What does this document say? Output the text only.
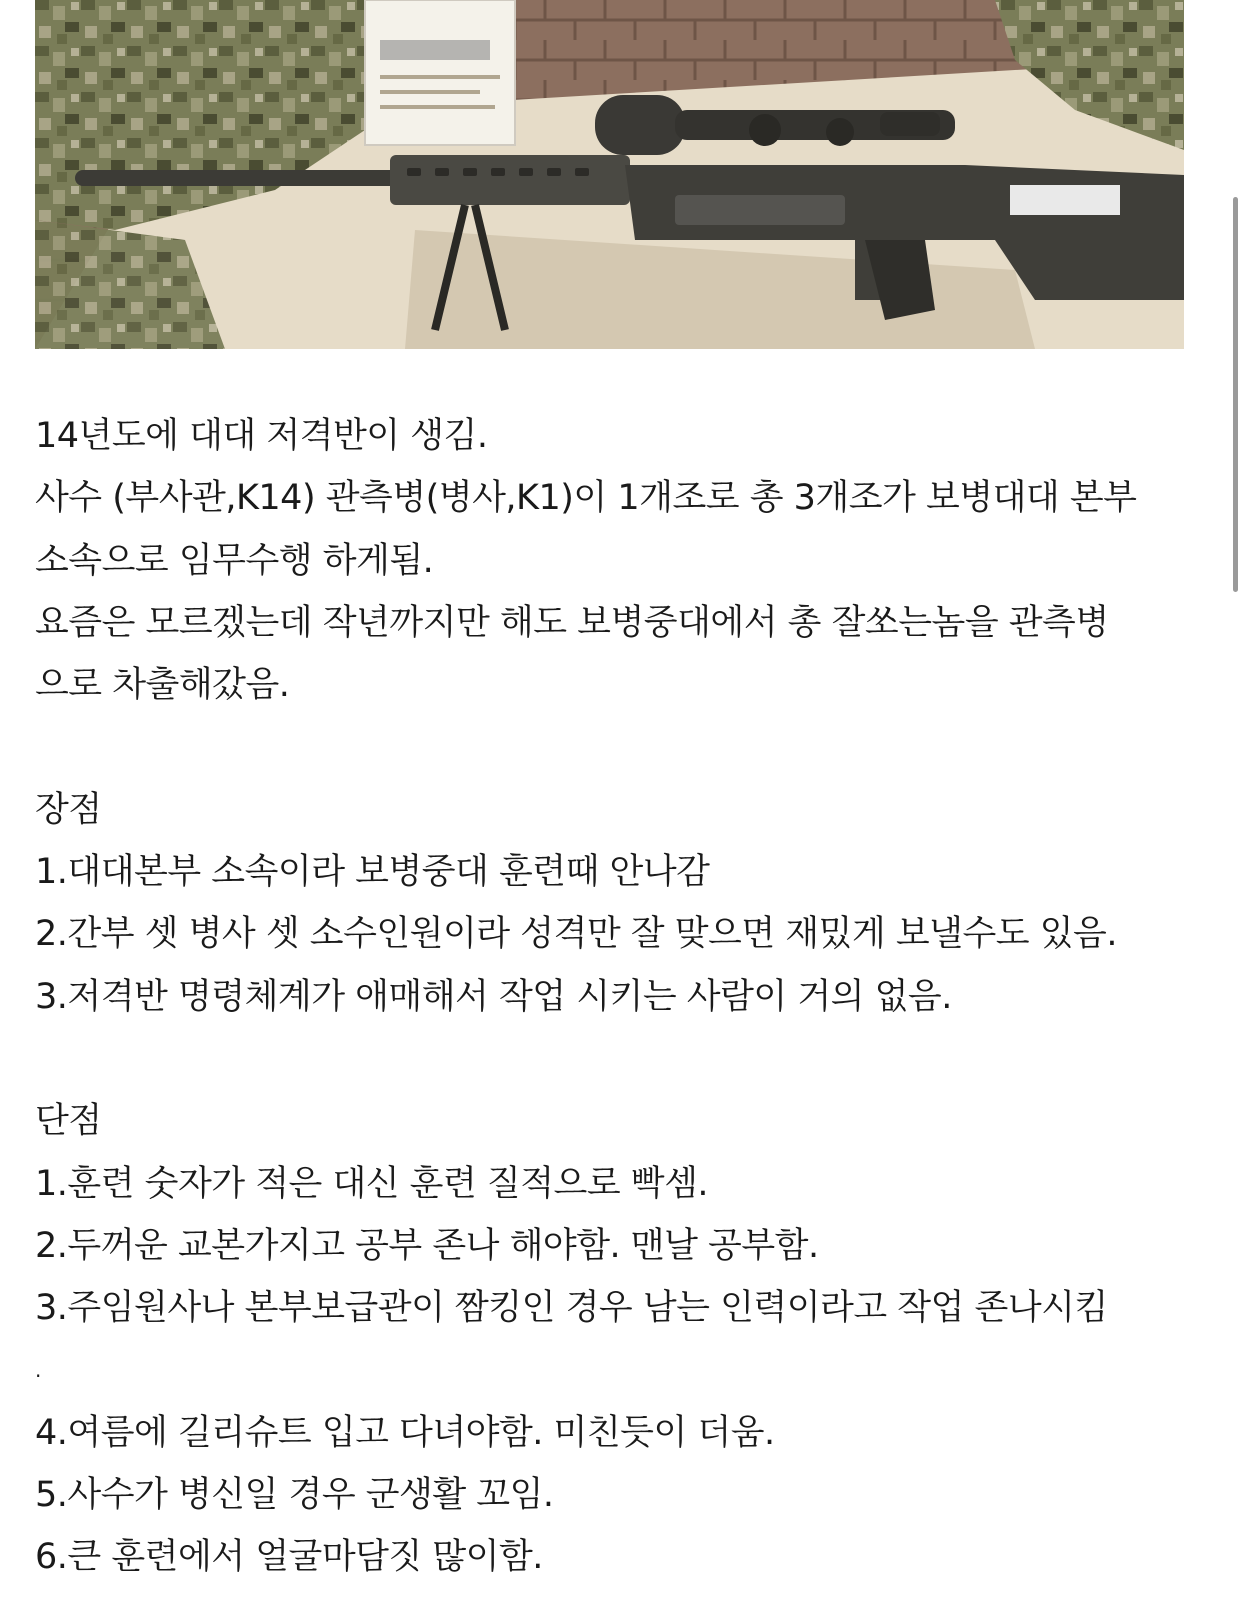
14년도에 대대 저격반이 생김.

사수 (부사관,K14) 관측병(병사,K1)이 1개조로 총 3개조가 보병대대 본부

소속으로 임무수행 하게됨.

요즘은 모르겠는데 작년까지만 해도 보병중대에서 총 잘쏘는놈을 관측병

으로 차출해갔음.

장점

1.대대본부 소속이라 보병중대 훈련때 안나감

2.간부 셋 병사 셋 소수인원이라 성격만 잘 맞으면 재밌게 보낼수도 있음.

3.저격반 명령체계가 애매해서 작업 시키는 사람이 거의 없음.

단점

1.훈련 숫자가 적은 대신 훈련 질적으로 빡셈.

2.두꺼운 교본가지고 공부 존나 해야함. 맨날 공부함.

3.주임원사나 본부보급관이 짬킹인 경우 남는 인력이라고 작업 존나시킴

.

4.여름에 길리슈트 입고 다녀야함. 미친듯이 더움.

5.사수가 병신일 경우 군생활 꼬임.

6.큰 훈련에서 얼굴마담짓 많이함.
